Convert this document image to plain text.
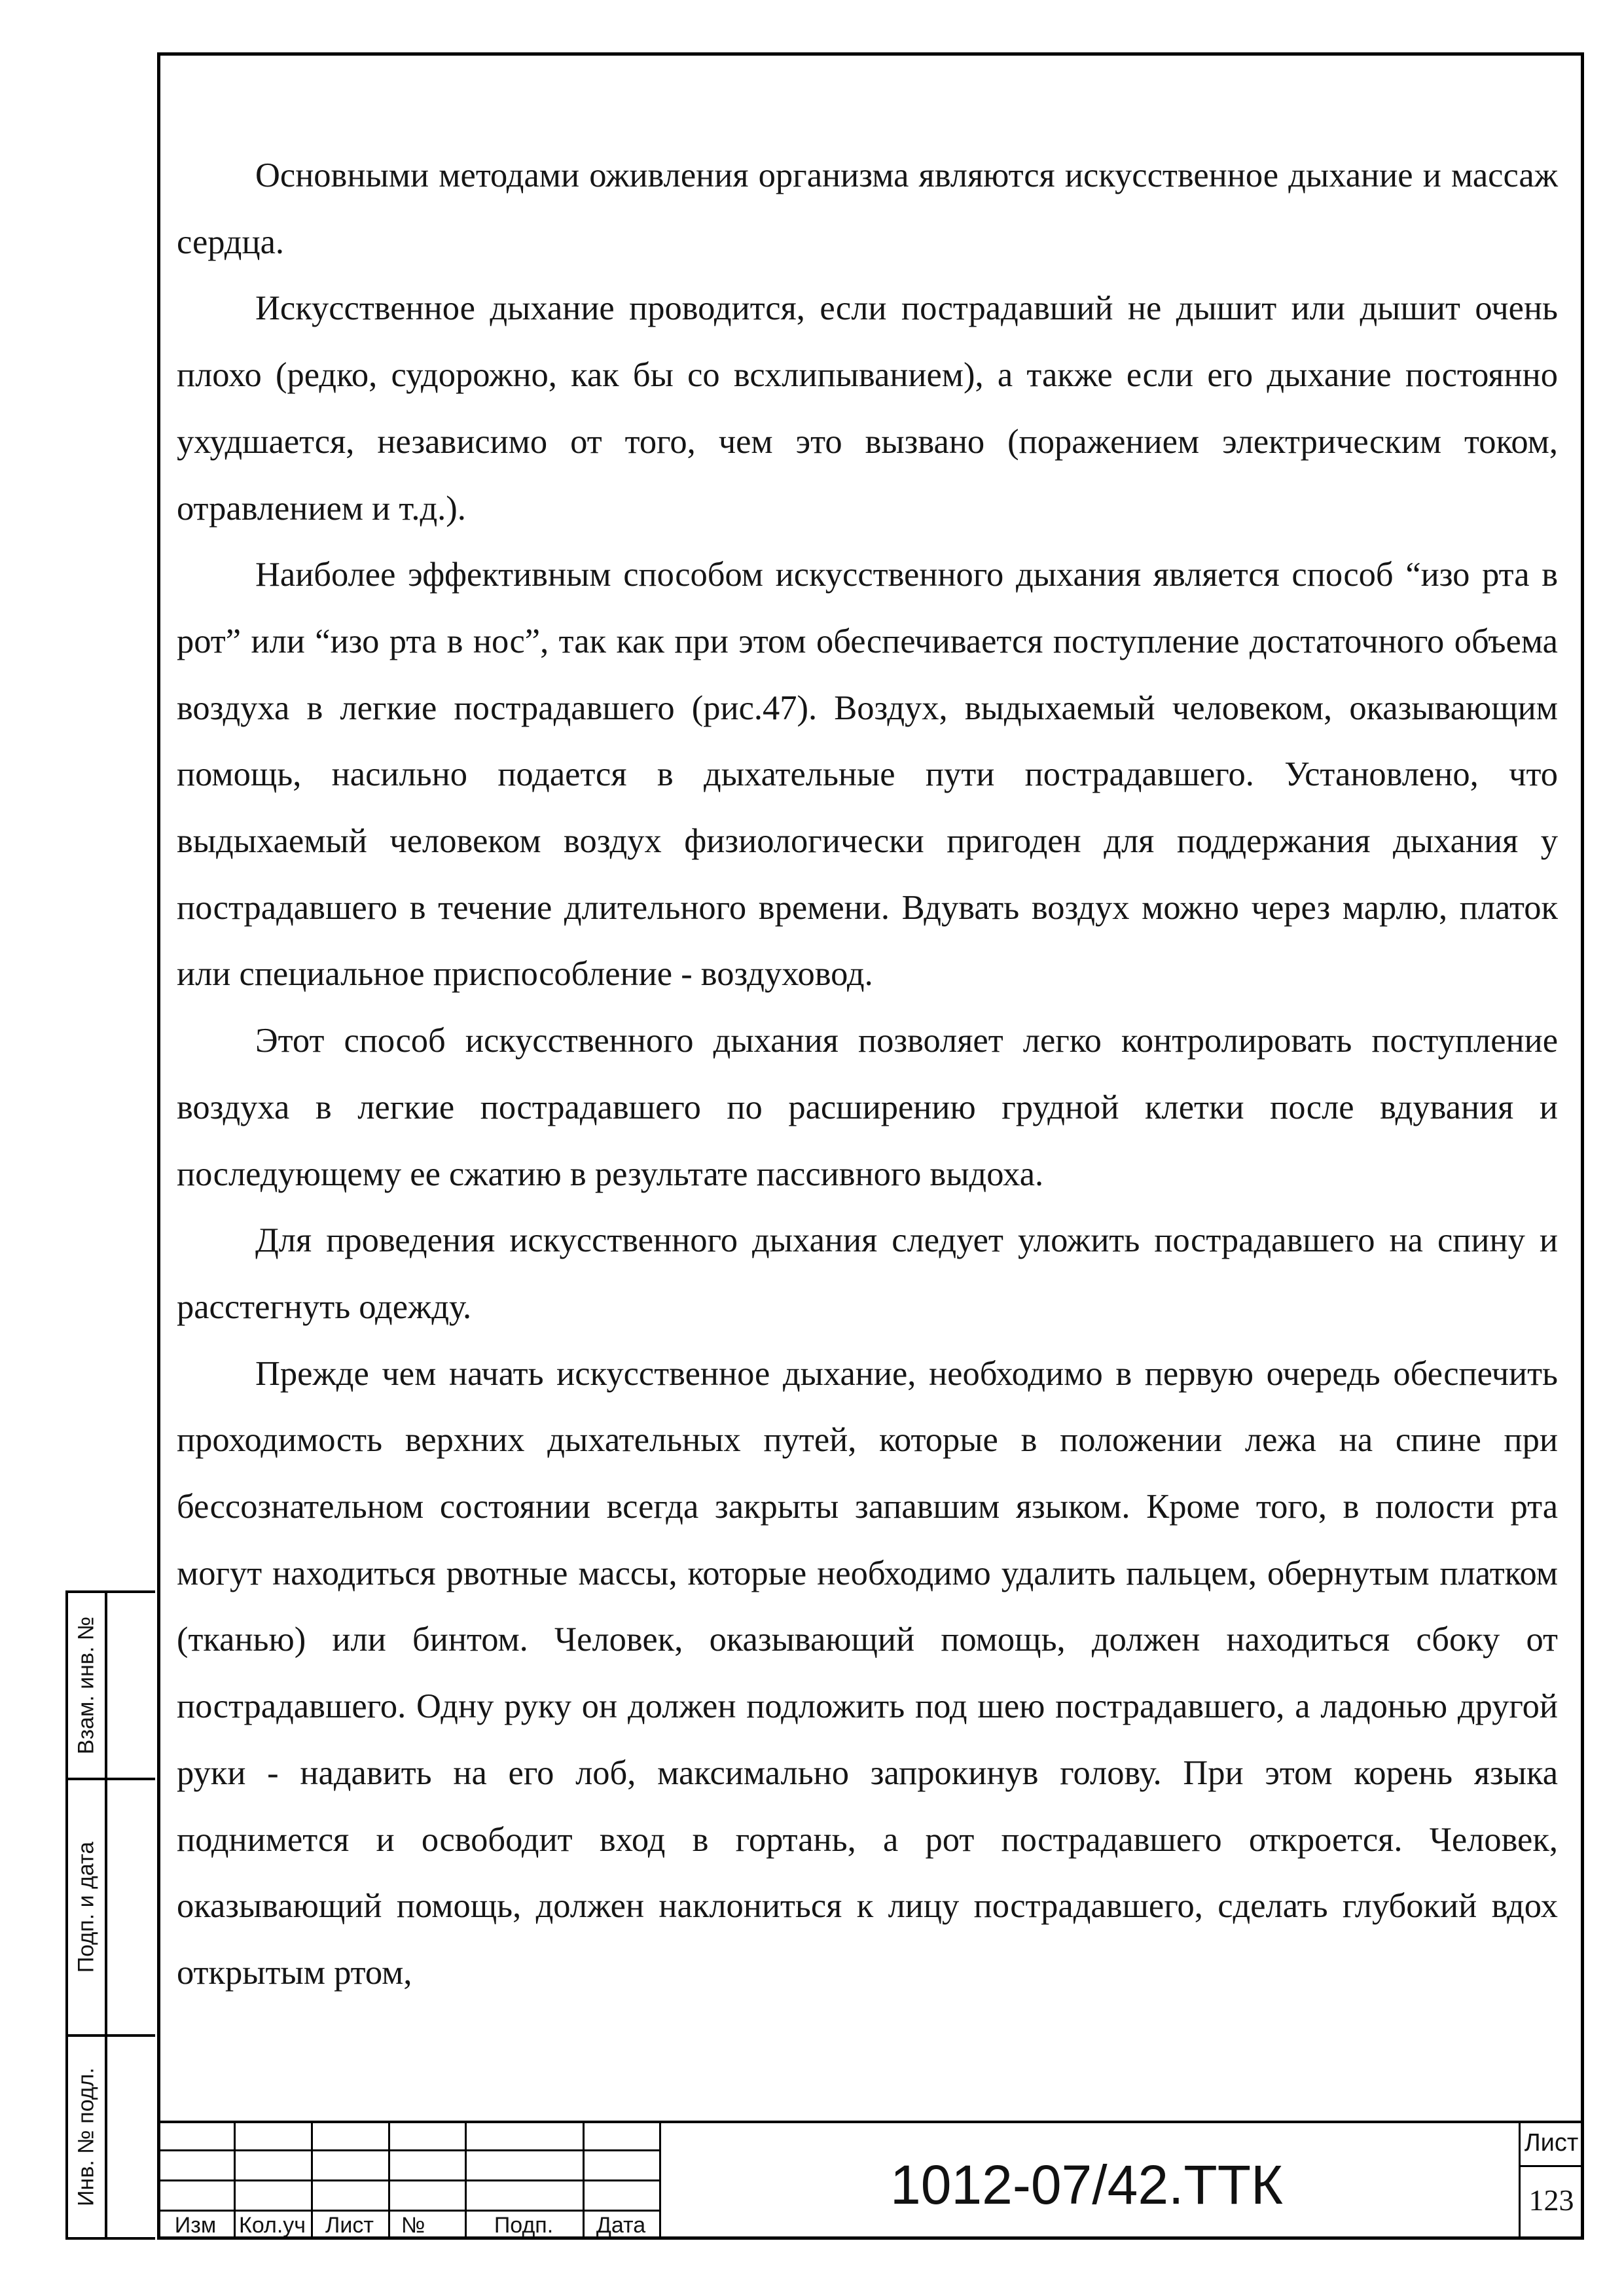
Основными методами оживления организма являются искусственное дыхание и массаж сердца.

Искусственное дыхание проводится, если пострадавший не дышит или дышит очень плохо (редко, судорожно, как бы со всхлипыванием), а также если его дыхание постоянно ухудшается, независимо от того, чем это вызвано (поражением электрическим током, отравлением и т.д.).

Наиболее эффективным способом искусственного дыхания является способ “изо рта в рот” или “изо рта в нос”, так как при этом обеспечивается поступление достаточного объема воздуха в легкие пострадавшего (рис.47). Воздух, выдыхаемый человеком, оказывающим помощь, насильно подается в дыхательные пути пострадавшего. Установлено, что выдыхаемый человеком воздух физиологически пригоден для поддержания дыхания у пострадавшего в течение длительного времени. Вдувать воздух можно через марлю, платок или специальное приспособление - воздуховод.

Этот способ искусственного дыхания позволяет легко контролировать поступление воздуха в легкие пострадавшего по расширению грудной клетки после вдувания и последующему ее сжатию в результате пассивного выдоха.

Для проведения искусственного дыхания следует уложить пострадавшего на спину и расстегнуть одежду.

Прежде чем начать искусственное дыхание, необходимо в первую очередь обеспечить проходимость верхних дыхательных путей, которые в положении лежа на спине при бессознательном состоянии всегда закрыты запавшим языком. Кроме того, в полости рта могут находиться рвотные массы, которые необходимо удалить пальцем, обернутым платком (тканью) или бинтом. Человек, оказывающий помощь, должен находиться сбоку от пострадавшего. Одну руку он должен подложить под шею пострадавшего, а ладонью другой руки - надавить на его лоб, максимально запрокинув голову. При этом корень языка поднимется и освободит вход в гортань, а рот пострадавшего откроется. Человек, оказывающий помощь, должен наклониться к лицу пострадавшего, сделать глубокий вдох открытым ртом,

Взам. инв. №
Подп. и дата
Инв. № подл.
Изм	Кол.уч Лист	№	Подп.	Дата
1012-07/42.ТТК
Лист
123
